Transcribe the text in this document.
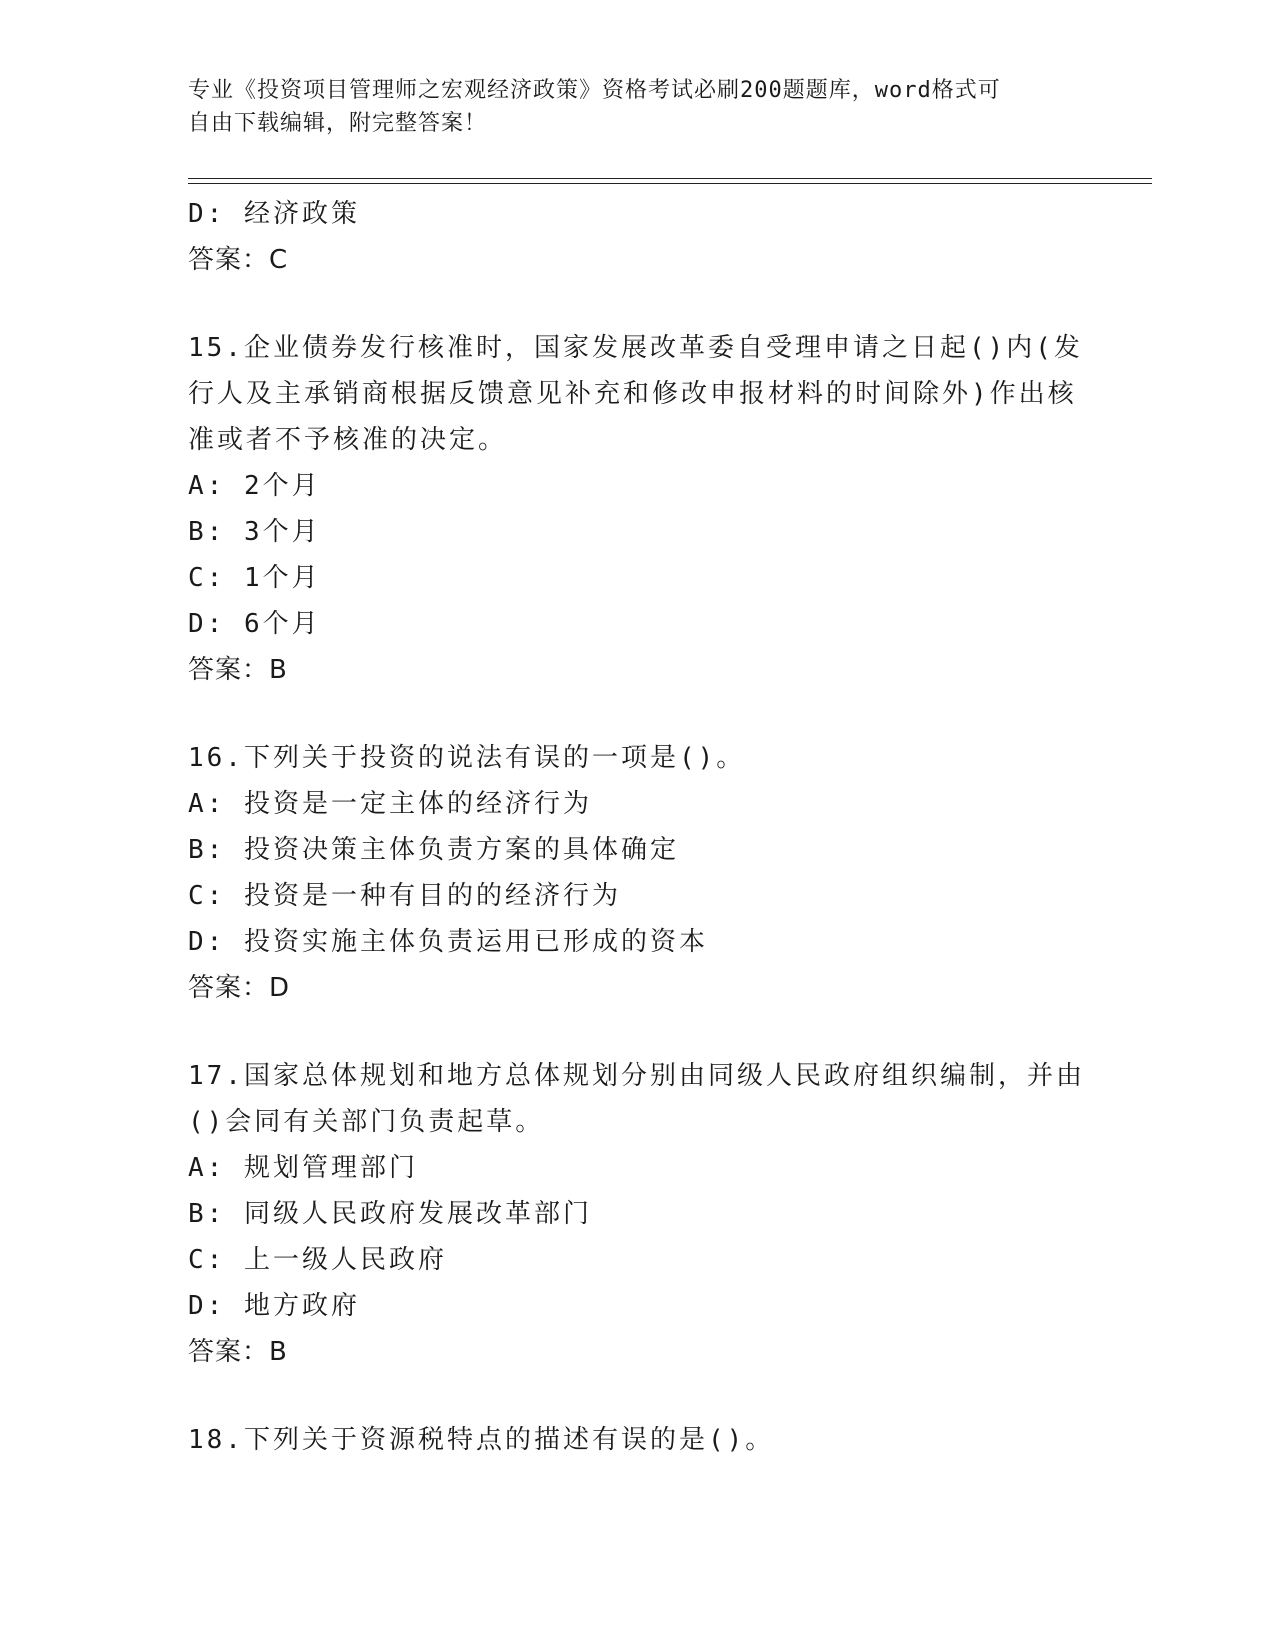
专业《投资项目管理师之宏观经济政策》资格考试必刷200题题库，word格式可
自由下载编辑，附完整答案！
D: 经济政策
答案：C
15.企业债券发行核准时，国家发展改革委自受理申请之日起()内(发
行人及主承销商根据反馈意见补充和修改申报材料的时间除外)作出核
准或者不予核准的决定。
A: 2个月
B: 3个月
C: 1个月
D: 6个月
答案：B
16.下列关于投资的说法有误的一项是()。
A: 投资是一定主体的经济行为
B: 投资决策主体负责方案的具体确定
C: 投资是一种有目的的经济行为
D: 投资实施主体负责运用已形成的资本
答案：D
17.国家总体规划和地方总体规划分别由同级人民政府组织编制，并由
()会同有关部门负责起草。
A: 规划管理部门
B: 同级人民政府发展改革部门
C: 上一级人民政府
D: 地方政府
答案：B
18.下列关于资源税特点的描述有误的是()。
